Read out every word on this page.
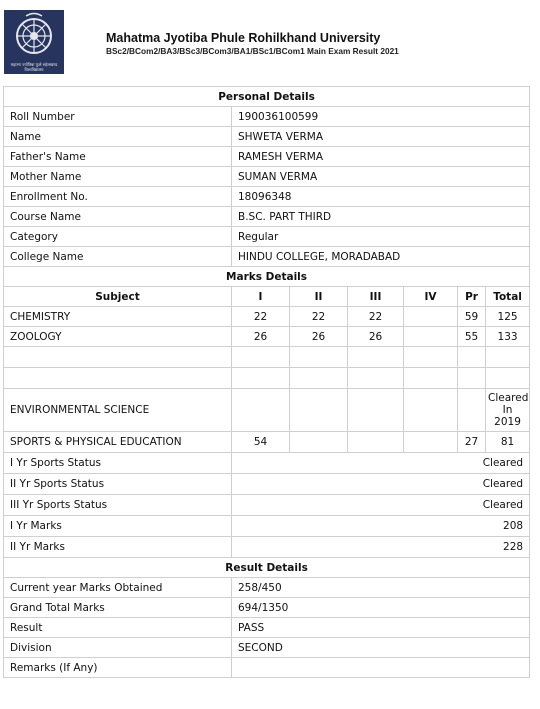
महात्मा ज्योतिबा फुले रुहेलखण्ड विश्वविद्यालय
Mahatma Jyotiba Phule Rohilkhand University
BSc2/BCom2/BA3/BSc3/BCom3/BA1/BSc1/BCom1 Main Exam Result 2021
Personal Details						
Roll Number	190036100599					
Name	SHWETA VERMA					
Father's Name	RAMESH VERMA					
Mother Name	SUMAN VERMA					
Enrollment No.	18096348					
Course Name	B.SC. PART THIRD					
Category	Regular					
College Name	HINDU COLLEGE, MORADABAD					
Marks Details						
Subject	I	II	III	IV	Pr	Total
CHEMISTRY	22	22	22		59	125
ZOOLOGY	26	26	26		55	133

ENVIRONMENTAL SCIENCE						Cleared In 2019
SPORTS & PHYSICAL EDUCATION	54				27	81
I Yr Sports Status	Cleared					
II Yr Sports Status	Cleared					
III Yr Sports Status	Cleared					
I Yr Marks	208					
II Yr Marks	228					
Result Details						
Current year Marks Obtained	258/450					
Grand Total Marks	694/1350					
Result	PASS					
Division	SECOND					
Remarks (If Any)						
